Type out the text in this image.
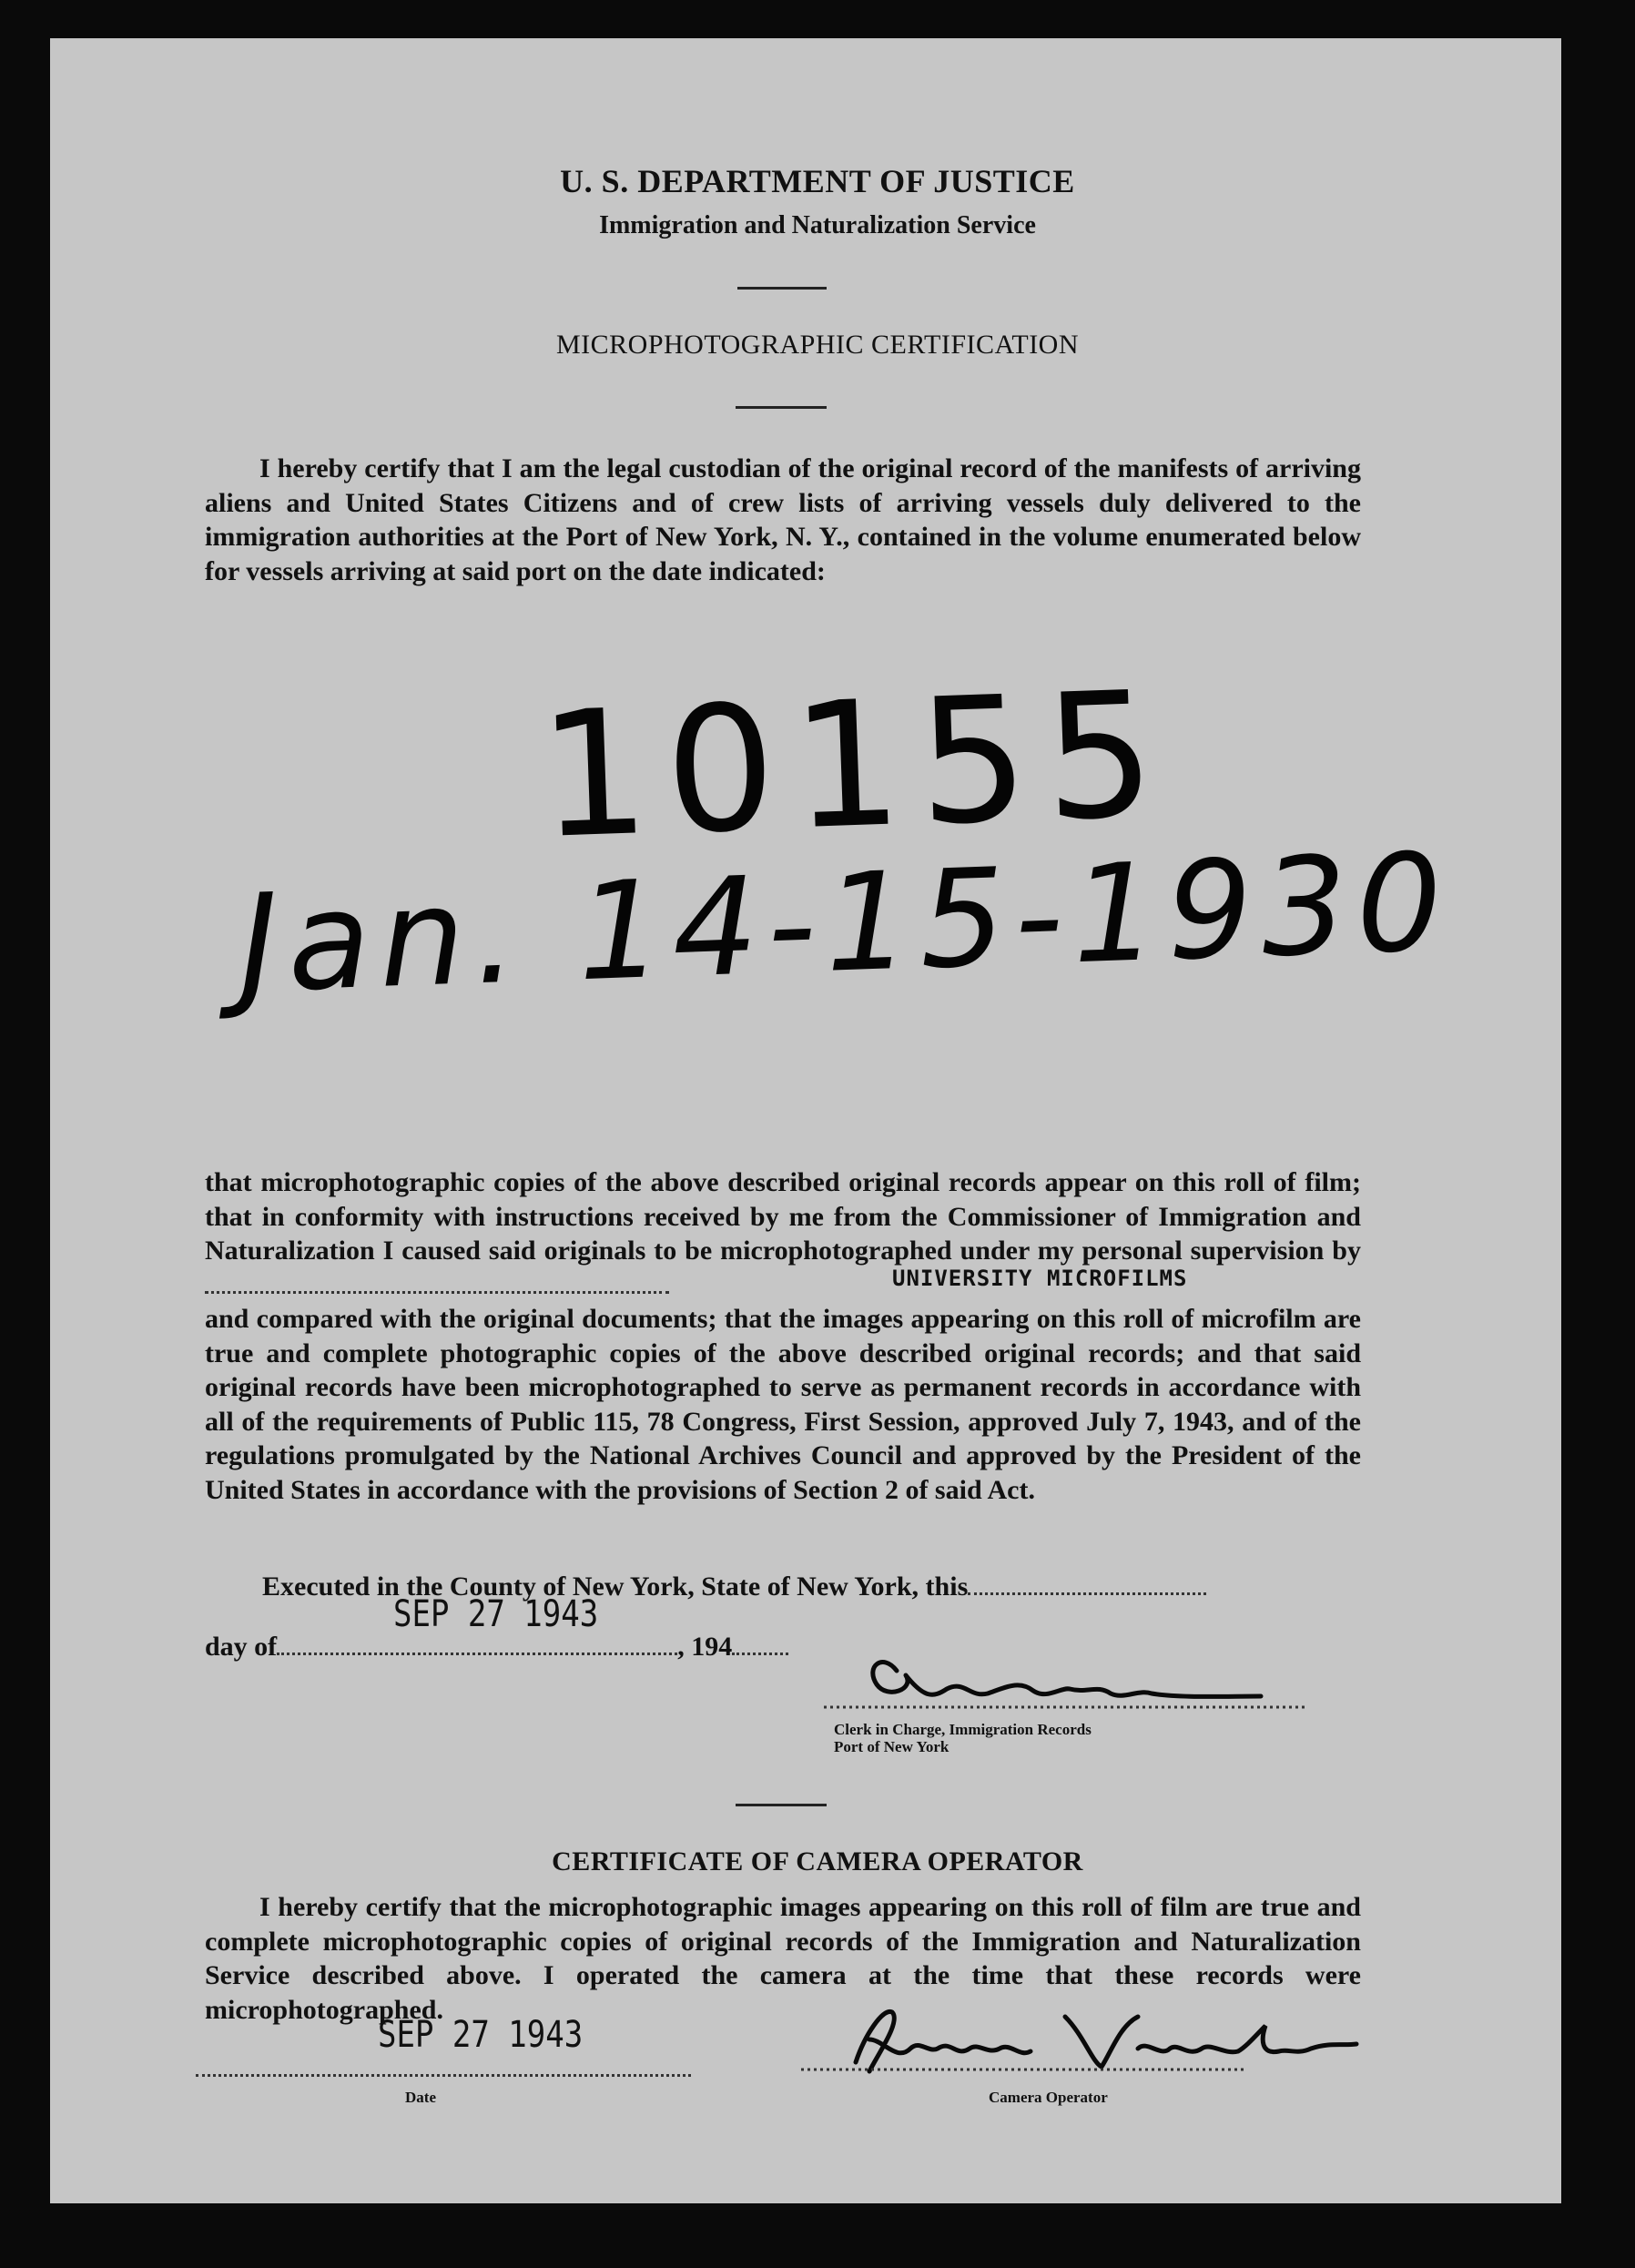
U. S. DEPARTMENT OF JUSTICE
Immigration and Naturalization Service
MICROPHOTOGRAPHIC CERTIFICATION

I hereby certify that I am the legal custodian of the original record of the manifests of arriving aliens and United States Citizens and of crew lists of arriving vessels duly delivered to the immigration authorities at the Port of New York, N. Y., contained in the volume enumerated below for vessels arriving at said port on the date indicated:

10155
Jan. 14-15-1930

that microphotographic copies of the above described original records appear on this roll of film; that in conformity with instructions received by me from the Commissioner of Immigration and Naturalization I caused said originals to be microphotographed under my personal supervision by

and compared with the original documents; that the images appearing on this roll of microfilm are true and complete photographic copies of the above described original records; and that said original records have been microphotographed to serve as permanent records in accordance with all of the requirements of Public 115, 78 Congress, First Session, approved July 7, 1943, and of the regulations promulgated by the National Archives Council and approved by the President of the United States in accordance with the provisions of Section 2 of said Act.

UNIVERSITY MICROFILMS
Executed in the County of New York, State of New York, this
day of	, 194
SEP 27 1943
Clerk in Charge, Immigration Records
Port of New York
CERTIFICATE OF CAMERA OPERATOR

I hereby certify that the microphotographic images appearing on this roll of film are true and complete microphotographic copies of original records of the Immigration and Naturalization Service described above. I operated the camera at the time that these records were microphotographed.

SEP 27 1943
Date	Camera Operator
